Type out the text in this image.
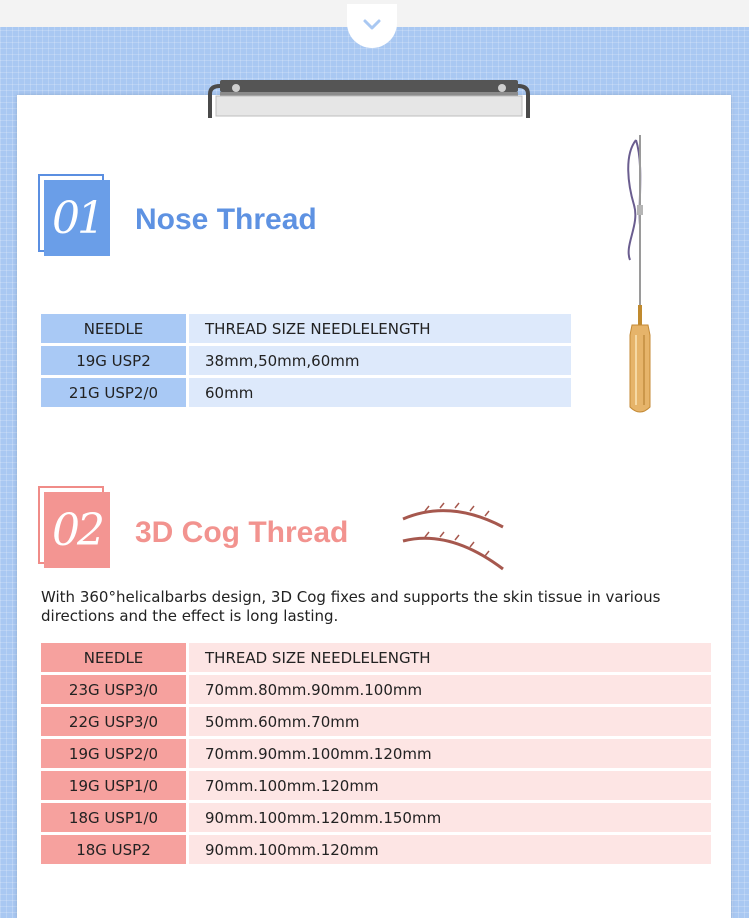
01 Nose Thread
NEEDLE		THREAD SIZE NEEDLELENGTH
19G USP2		38mm,50mm,60mm
21G USP2/0		60mm
02 3D Cog Thread
With 360°helicalbarbs design, 3D Cog fixes and supports the skin tissue in various directions and the effect is long lasting.
NEEDLE		THREAD SIZE NEEDLELENGTH
23G USP3/0		70mm.80mm.90mm.100mm
22G USP3/0		50mm.60mm.70mm
19G USP2/0		70mm.90mm.100mm.120mm
19G USP1/0		70mm.100mm.120mm
18G USP1/0		90mm.100mm.120mm.150mm
18G USP2		90mm.100mm.120mm
